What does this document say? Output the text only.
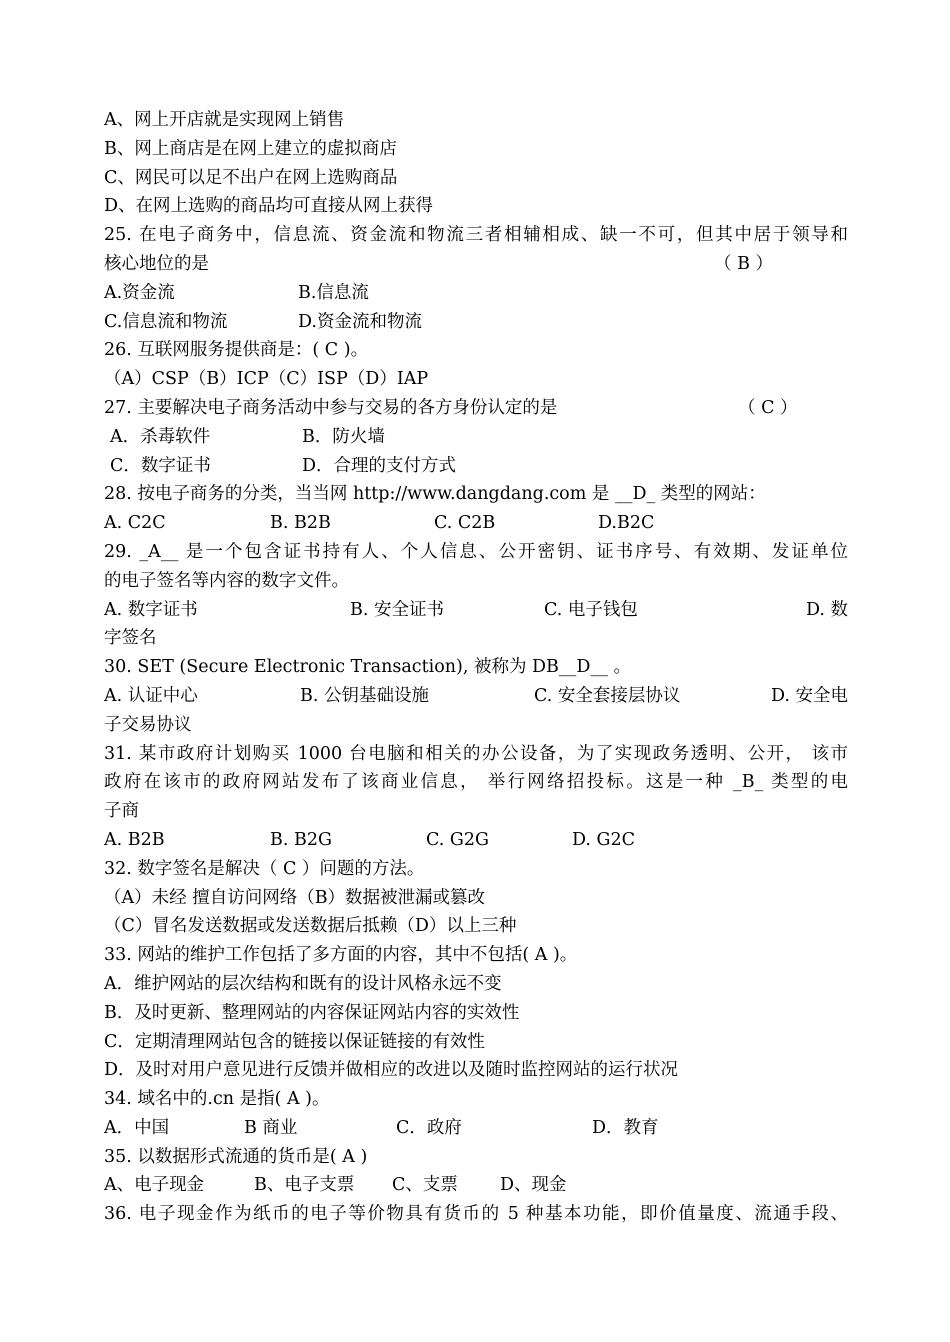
A、网上开店就是实现网上销售
B、网上商店是在网上建立的虚拟商店
C、网民可以足不出户在网上选购商品
D、在网上选购的商品均可直接从网上获得
25. 在电子商务中，信息流、资金流和物流三者相辅相成、缺一不可，但其中居于领导和
核心地位的是	（ B ）
A.资金流	B.信息流
C.信息流和物流	D.资金流和物流
26. 互联网服务提供商是：( C )。
（A）CSP（B）ICP（C）ISP（D）IAP
27. 主要解决电子商务活动中参与交易的各方身份认定的是	（ C ）
A．杀毒软件	B．防火墙
C．数字证书	D．合理的支付方式
28. 按电子商务的分类，当当网 http://www.dangdang.com 是 __D_ 类型的网站：
A. C2C	B. B2B	C. C2B	D.B2C
29. _A__ 是一个包含证书持有人、个人信息、公开密钥、证书序号、有效期、发证单位
的电子签名等内容的数字文件。
A. 数字证书	B. 安全证书	C. 电子钱包	D. 数
字签名
30. SET (Secure Electronic Transaction), 被称为 DB__D__ 。
A. 认证中心	B. 公钥基础设施	C. 安全套接层协议	D. 安全电
子交易协议
31. 某市政府计划购买 1000 台电脑和相关的办公设备，为了实现政务透明、公开， 该市
政府在该市的政府网站发布了该商业信息， 举行网络招投标。这是一种 _B_ 类型的电
子商
A. B2B	B. B2G	C. G2G	D. G2C
32. 数字签名是解决（ C ）问题的方法。
（A）未经 擅自访问网络（B）数据被泄漏或篡改
（C）冒名发送数据或发送数据后抵赖（D）以上三种
33. 网站的维护工作包括了多方面的内容，其中不包括( A )。
A．维护网站的层次结构和既有的设计风格永远不变
B．及时更新、整理网站的内容保证网站内容的实效性
C．定期清理网站包含的链接以保证链接的有效性
D．及时对用户意见进行反馈并做相应的改进以及随时监控网站的运行状况
34. 域名中的.cn 是指( A )。
A．中国	B 商业	C．政府	D．教育
35. 以数据形式流通的货币是( A )
A、电子现金	B、电子支票 C、支票 D、现金
36. 电子现金作为纸币的电子等价物具有货币的 5 种基本功能，即价值量度、流通手段、
